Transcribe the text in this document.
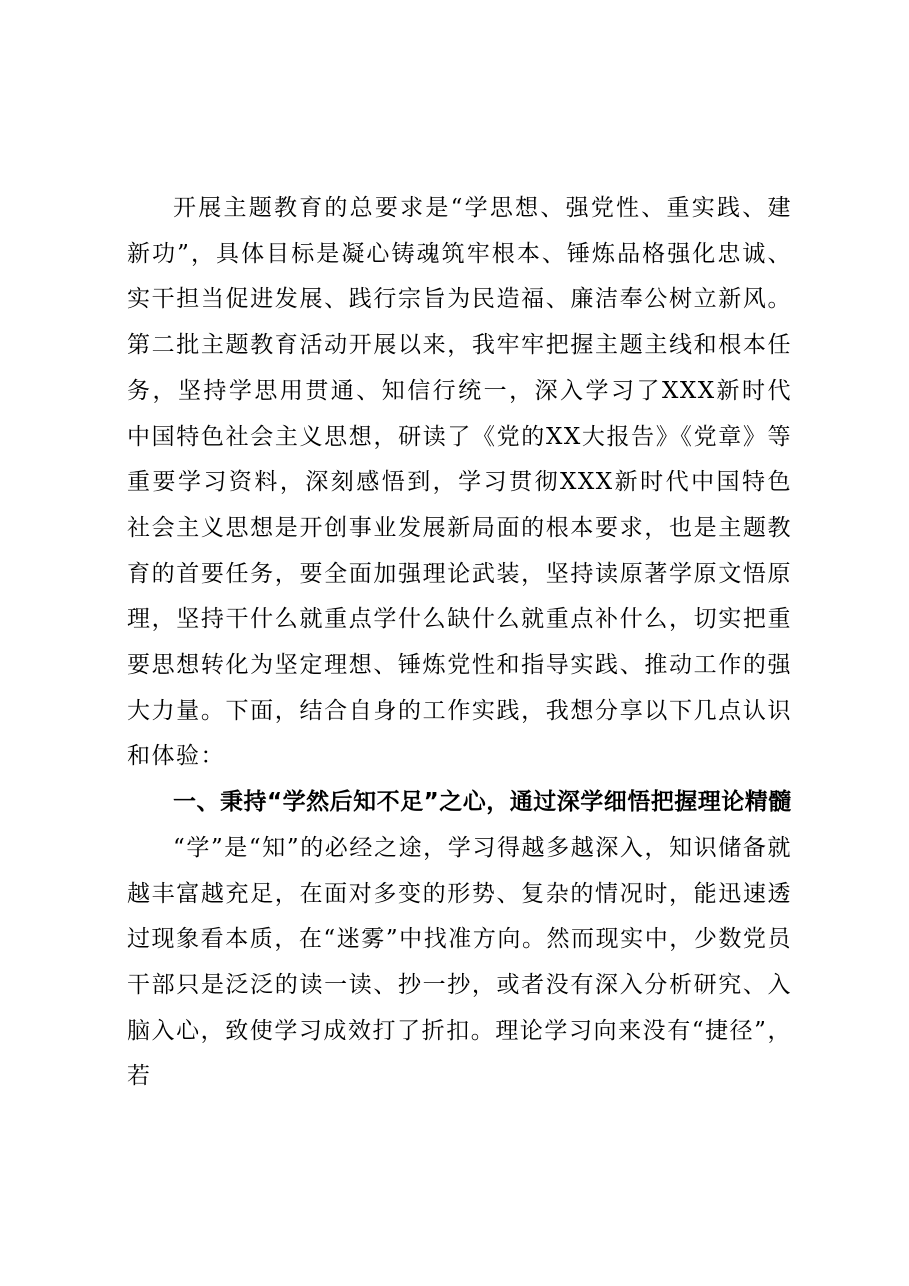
开展主题教育的总要求是“学思想、强党性、重实践、建新功”，具体目标是凝心铸魂筑牢根本、锤炼品格强化忠诚、实干担当促进发展、践行宗旨为民造福、廉洁奉公树立新风。第二批主题教育活动开展以来，我牢牢把握主题主线和根本任务，坚持学思用贯通、知信行统一，深入学习了XXX新时代中国特色社会主义思想，研读了《党的XX大报告》《党章》等重要学习资料，深刻感悟到，学习贯彻XXX新时代中国特色社会主义思想是开创事业发展新局面的根本要求，也是主题教育的首要任务，要全面加强理论武装，坚持读原著学原文悟原理，坚持干什么就重点学什么缺什么就重点补什么，切实把重要思想转化为坚定理想、锤炼党性和指导实践、推动工作的强大力量。下面，结合自身的工作实践，我想分享以下几点认识和体验：

一、秉持“学然后知不足”之心，通过深学细悟把握理论精髓

“学”是“知”的必经之途，学习得越多越深入，知识储备就越丰富越充足，在面对多变的形势、复杂的情况时，能迅速透过现象看本质，在“迷雾”中找准方向。然而现实中，少数党员干部只是泛泛的读一读、抄一抄，或者没有深入分析研究、入脑入心，致使学习成效打了折扣。理论学习向来没有“捷径”，若
